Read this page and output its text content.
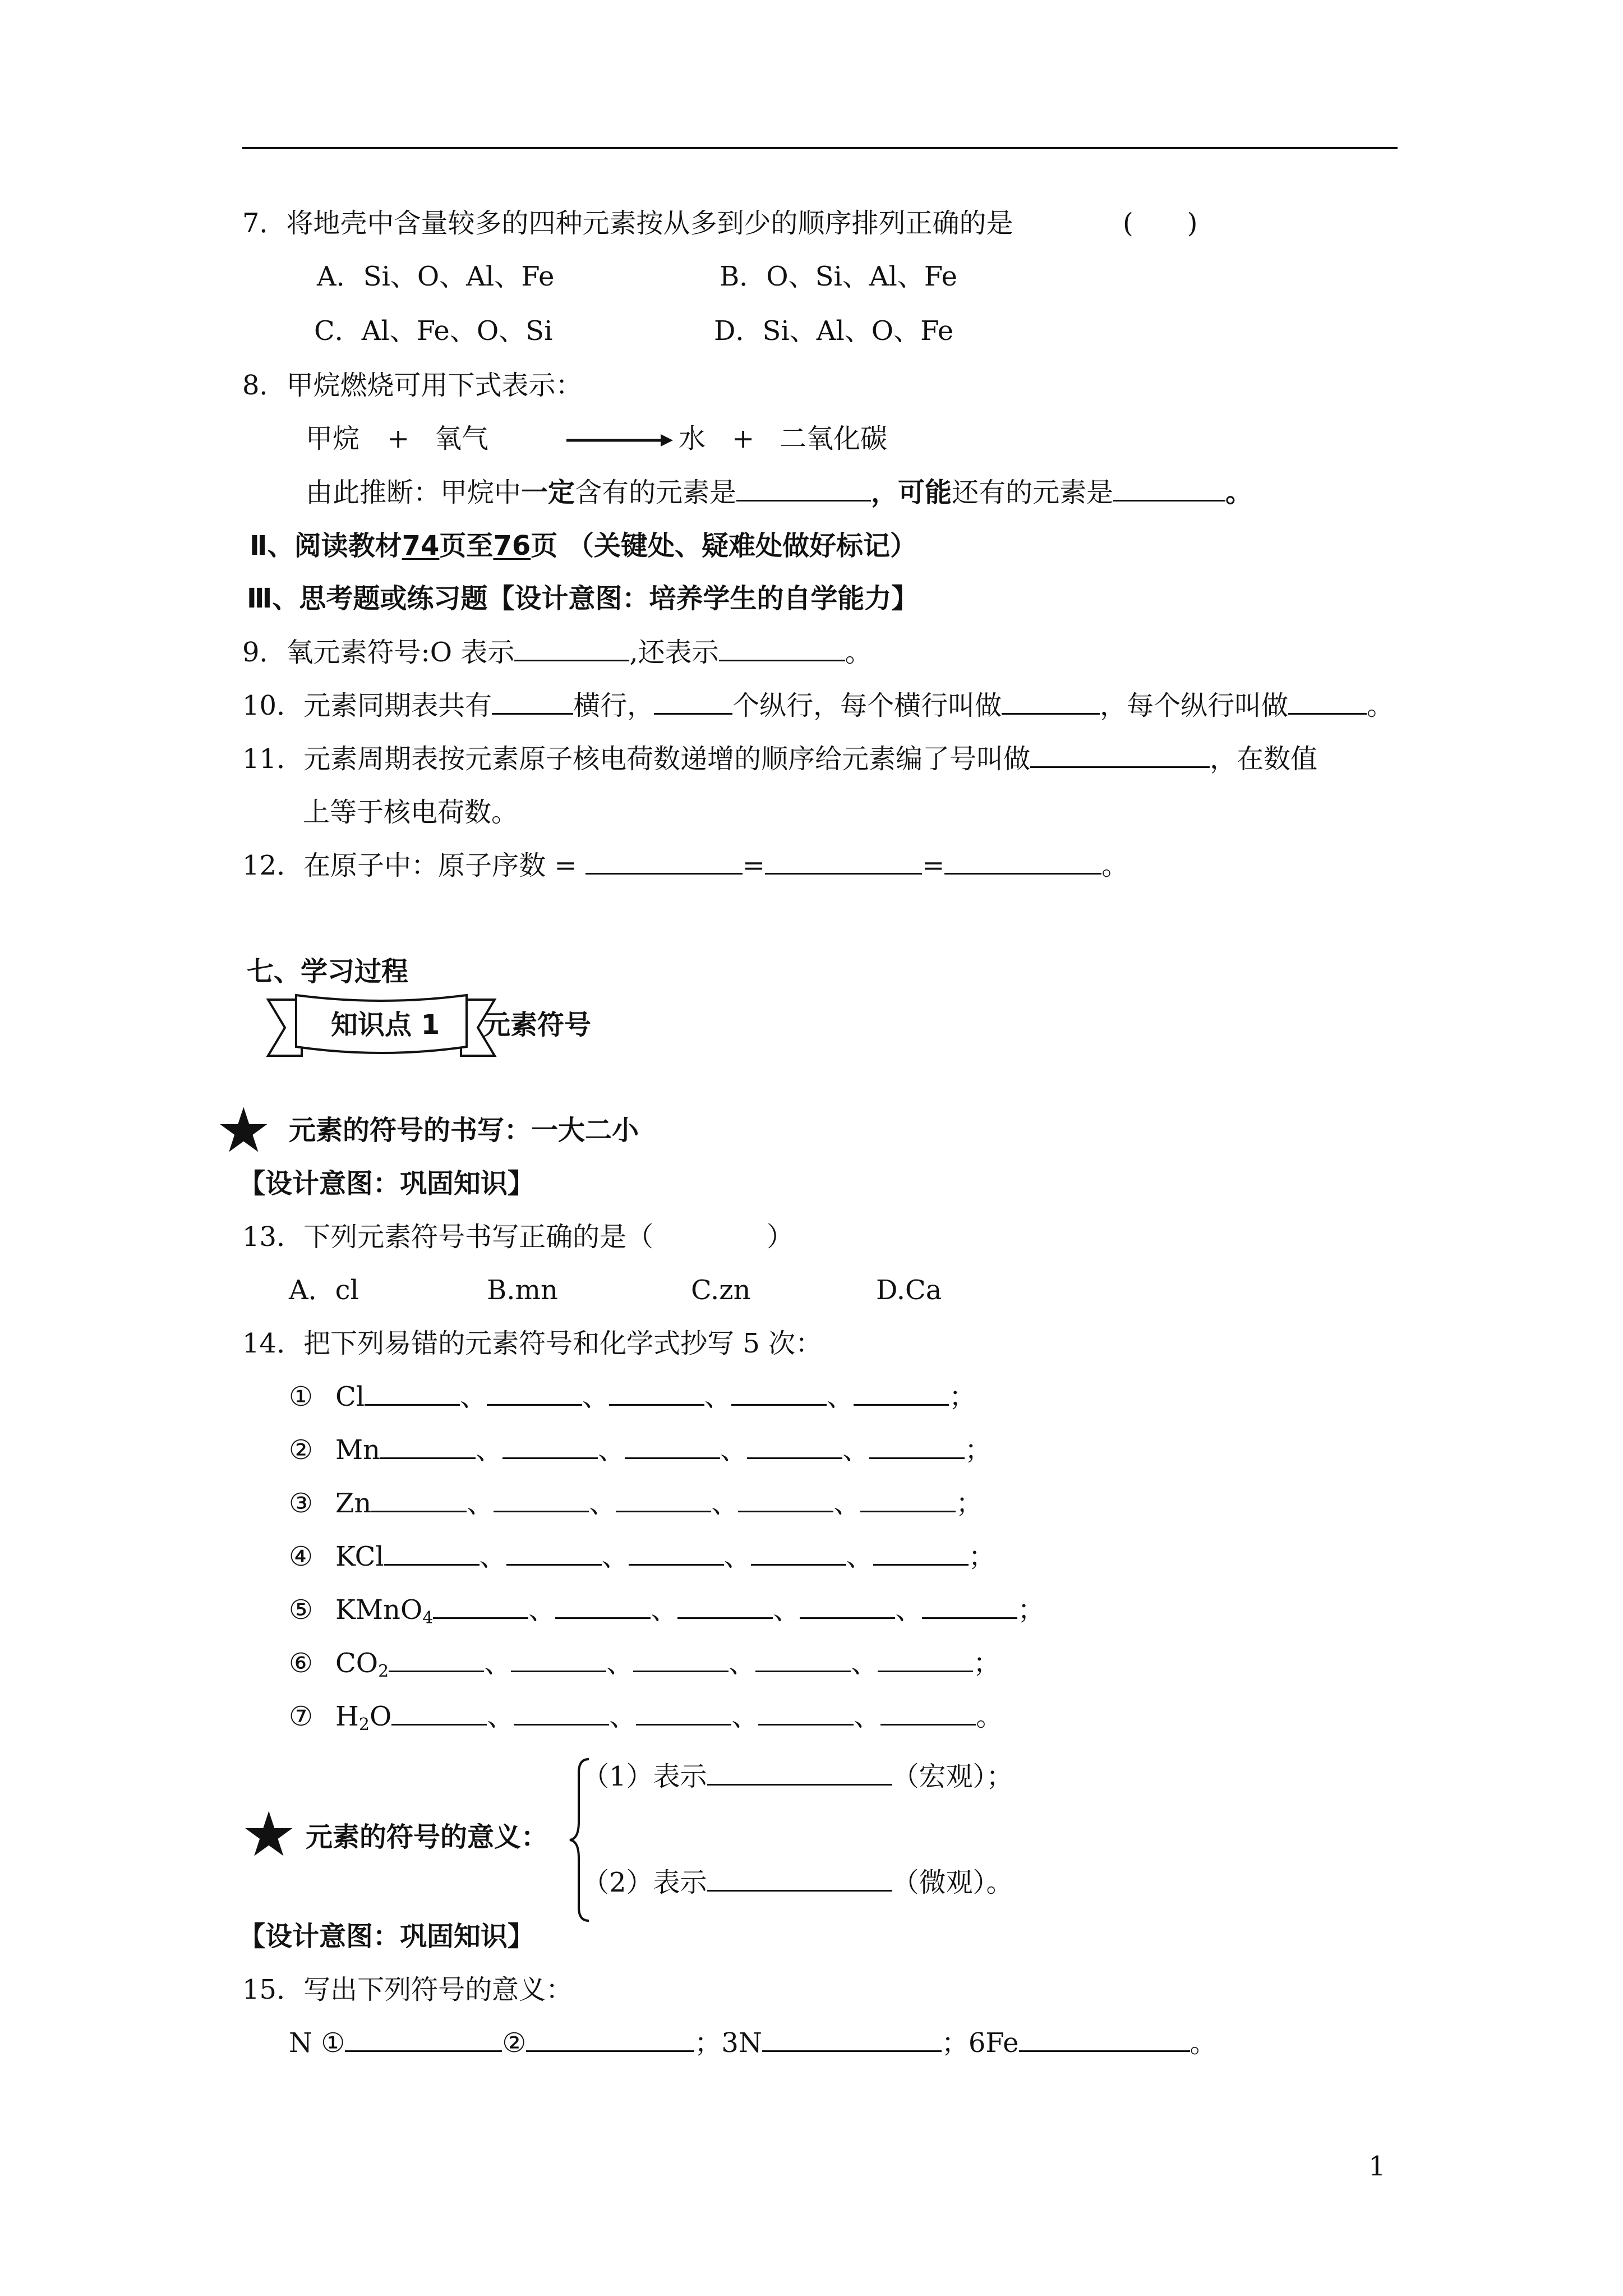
7．将地壳中含量较多的四种元素按从多到少的顺序排列正确的是	(　　)
A．Si、O、Al、Fe	B．O、Si、Al、Fe
C．Al、Fe、O、Si	D．Si、Al、O、Fe
8．甲烷燃烧可用下式表示：
甲烷 + 氧气	水 + 二氧化碳
由此推断：甲烷中一定含有的元素是	，可能还有的元素是	。
Ⅱ、阅读教材74页至76页 （关键处、疑难处做好标记）
Ⅲ、思考题或练习题【设计意图：培养学生的自学能力】
9．氧元素符号:O 表示	,还表示	。
10．元素同期表共有	横行，	个纵行，每个横行叫做	，每个纵行叫做	。
11．元素周期表按元素原子核电荷数递增的顺序给元素编了号叫做	，在数值
上等于核电荷数。
12．在原子中：原子序数 =	=	=	。
七、学习过程
知识点 1 元素符号
★ 元素的符号的书写：一大二小
【设计意图：巩固知识】
13．下列元素符号书写正确的是（	）
A．cl	B.mn	C.zn	D.Ca
14．把下列易错的元素符号和化学式抄写 5 次：
① Cl	、	、	、	、	；
② Mn	、	、	、	、	；
③ Zn	、	、	、	、	；
④ KCl	、	、	、	、	；
⑤ KMnO$_4$	、	、	、	、	；
⑥ $CO_2$	、	、	、	、	；
⑦ $H_2O$	、	、	、	、	。
★ 元素的符号的意义：
（1）表示	（宏观）；
（2）表示	（微观）。
【设计意图：巩固知识】
15．写出下列符号的意义：
N ①	②	；3N	；6Fe	。
1
